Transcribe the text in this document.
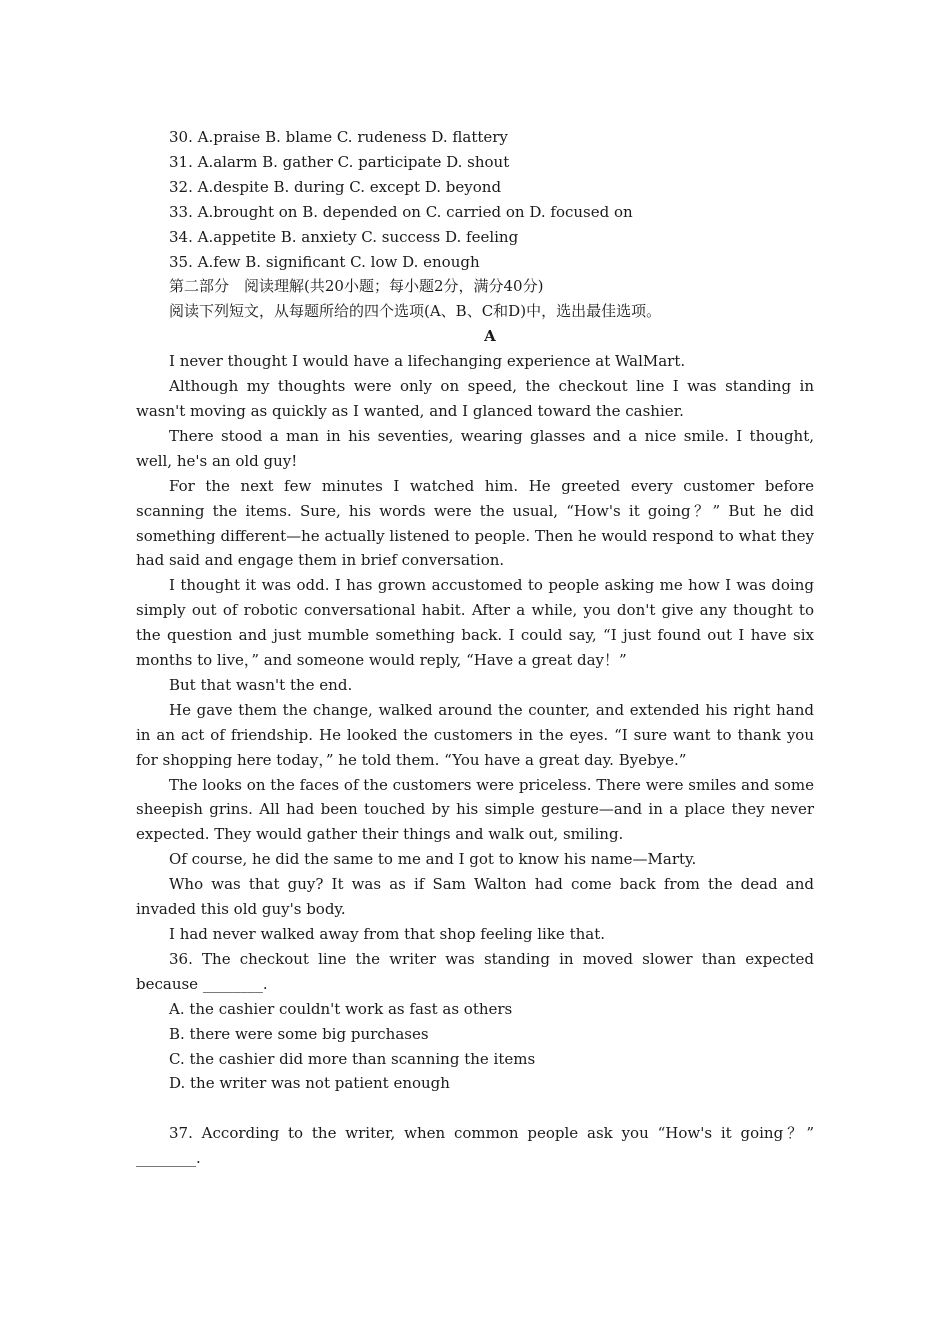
30. A.praise B. blame C. rudeness D. flattery
31. A.alarm B. gather C. participate D. shout
32. A.despite B. during C. except D. beyond
33. A.brought on B. depended on C. carried on D. focused on
34. A.appetite B. anxiety C. success D. feeling
35. A.few B. significant C. low D. enough
第二部分　阅读理解(共20小题；每小题2分，满分40分)
阅读下列短文，从每题所给的四个选项(A、B、C和D)中，选出最佳选项。
A

I never thought I would have a lifechanging experience at WalMart.

Although my thoughts were only on speed, the checkout line I was standing in wasn't moving as quickly as I wanted, and I glanced toward the cashier.

There stood a man in his seventies, wearing glasses and a nice smile. I thought, well, he's an old guy!

For the next few minutes I watched him. He greeted every customer before scanning the items. Sure, his words were the usual, “How's it going？” But he did something different—he actually listened to people. Then he would respond to what they had said and engage them in brief conversation.

I thought it was odd. I has grown accustomed to people asking me how I was doing simply out of robotic conversational habit. After a while, you don't give any thought to the question and just mumble something back. I could say, “I just found out I have six months to live，” and someone would reply, “Have a great day！”

But that wasn't the end.

He gave them the change, walked around the counter, and extended his right hand in an act of friendship. He looked the customers in the eyes. “I sure want to thank you for shopping here today，” he told them. “You have a great day. Byebye.”

The looks on the faces of the customers were priceless. There were smiles and some sheepish grins. All had been touched by his simple gesture—and in a place they never expected. They would gather their things and walk out, smiling.

Of course, he did the same to me and I got to know his name—Marty.

Who was that guy? It was as if Sam Walton had come back from the dead and invaded this old guy's body.

I had never walked away from that shop feeling like that.

36. The checkout line the writer was standing in moved slower than expected because ________.

A. the cashier couldn't work as fast as others
B. there were some big purchases
C. the cashier did more than scanning the items
D. the writer was not patient enough

37. According to the writer, when common people ask you “How's it going？” ________.
